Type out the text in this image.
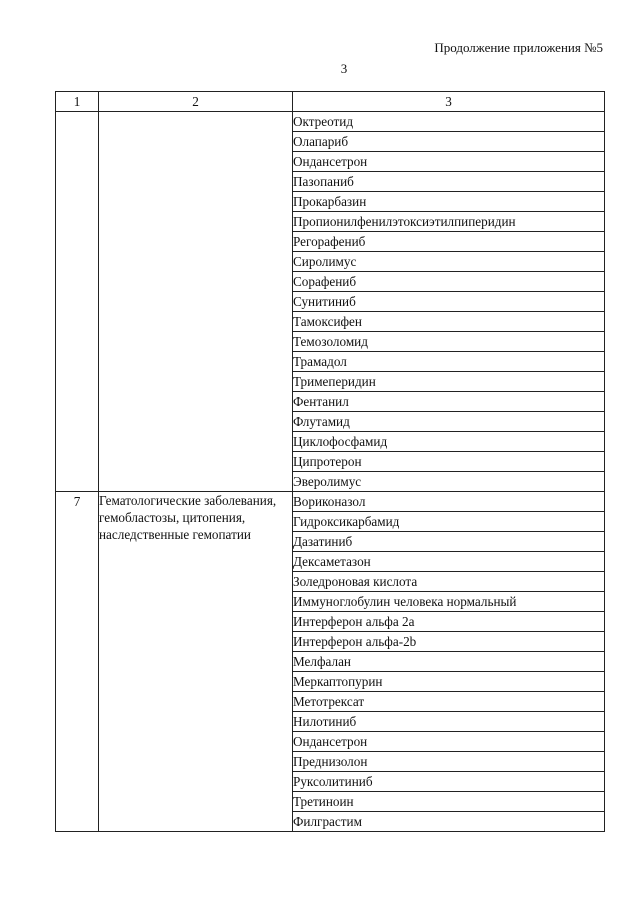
Продолжение приложения №5
3
1	2	3
		Октреотид
		Олапариб
		Ондансетрон
		Пазопаниб
		Прокарбазин
		Пропионилфенилэтоксиэтилпиперидин
		Регорафениб
		Сиролимус
		Сорафениб
		Сунитиниб
		Тамоксифен
		Темозоломид
		Трамадол
		Тримеперидин
		Фентанил
		Флутамид
		Циклофосфамид
		Ципротерон
		Эверолимус
7	Гематологические заболевания, гемобластозы, цитопения, наследственные гемопатии	Вориконазол
		Гидроксикарбамид
		Дазатиниб
		Дексаметазон
		Золедроновая кислота
		Иммуноглобулин человека нормальный
		Интерферон альфа 2а
		Интерферон альфа-2b
		Мелфалан
		Меркаптопурин
		Метотрексат
		Нилотиниб
		Ондансетрон
		Преднизолон
		Руксолитиниб
		Третиноин
		Филграстим
